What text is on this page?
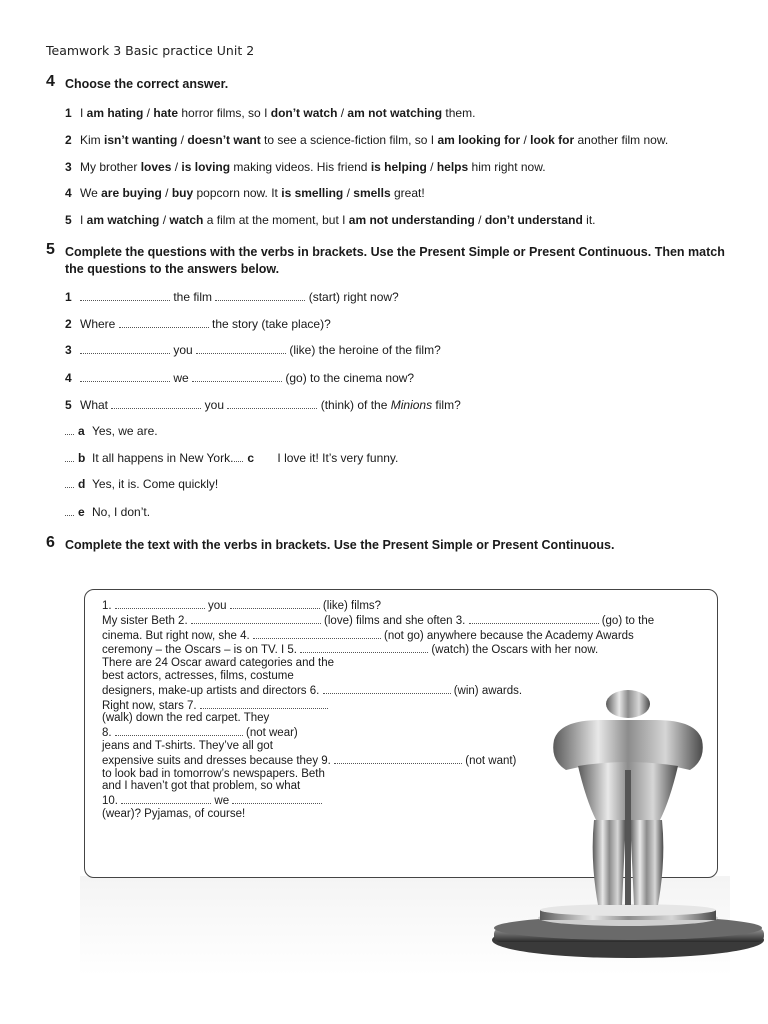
Teamwork 3 Basic practice Unit 2
4 Choose the correct answer.
1 I am hating / hate horror films, so I don’t watch / am not watching them.
2 Kim isn’t wanting / doesn’t want to see a science-fiction film, so I am looking for / look for another film now.
3 My brother loves / is loving making videos. His friend is helping / helps him right now.
4 We are buying / buy popcorn now. It is smelling / smells great!
5 I am watching / watch a film at the moment, but I am not understanding / don’t understand it.
5 Complete the questions with the verbs in brackets. Use the Present Simple or Present Continuous. Then match the questions to the answers below.
1	the film	(start) right now?
2 Where	the story (take place)?
3	you	(like) the heroine of the film?
4	we	(go) to the cinema now?
5 What	you	(think) of the Minions film?
a Yes, we are.
b It all happens in New York. c I love it! It’s very funny.
d Yes, it is. Come quickly!
e No, I don’t.
6 Complete the text with the verbs in brackets. Use the Present Simple or Present Continuous.
1.	you	(like) films?
My sister Beth 2.	(love) films and she often 3.	(go) to the
cinema. But right now, she 4.	(not go) anywhere because the Academy Awards
ceremony – the Oscars – is on TV. I 5.	(watch) the Oscars with her now.
There are 24 Oscar award categories and the
best actors, actresses, films, costume
designers, make-up artists and directors 6.	(win) awards.
Right now, stars 7.
(walk) down the red carpet. They
8.	(not wear)
jeans and T-shirts. They’ve all got
expensive suits and dresses because they 9.	(not want)
to look bad in tomorrow’s newspapers. Beth
and I haven’t got that problem, so what
10.	we
(wear)? Pyjamas, of course!
